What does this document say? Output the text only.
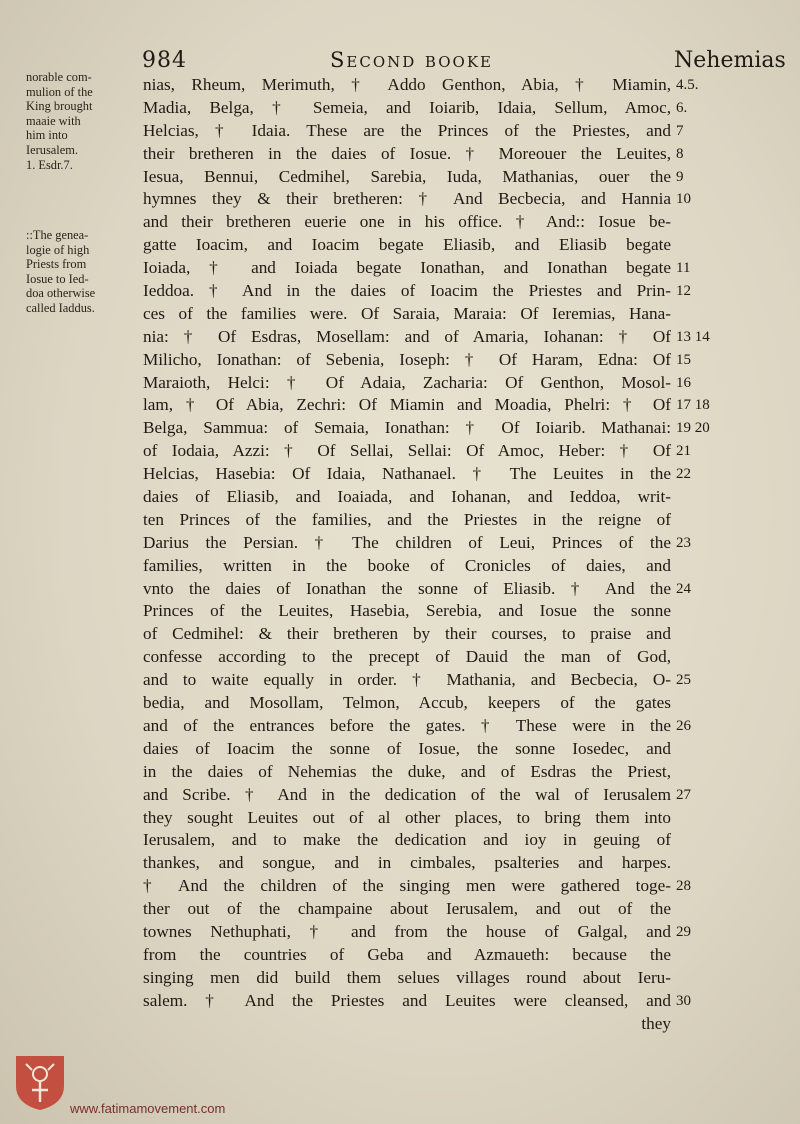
984	Second booke	Nehemias
norable com-
mulion of the
King brought
maaie with
him into
Ierusalem.
1. Esdr.7.
::The genea-
logie of high
Priests from
Iosue to Ied-
doa otherwise
called Iaddus.
nias, Rheum, Merimuth, † Addo Genthon, Abia, † Miamin,
Madia, Belga, † Semeia, and Ioiarib, Idaia, Sellum, Amoc,
Helcias, † Idaia. These are the Princes of the Priestes, and
their bretheren in the daies of Iosue. † Moreouer the Leuites,
Iesua, Bennui, Cedmihel, Sarebia, Iuda, Mathanias, ouer the
hymnes they & their bretheren: † And Becbecia, and Hannia
and their bretheren euerie one in his office. † And:: Iosue be-
gatte Ioacim, and Ioacim begate Eliasib, and Eliasib begate
Ioiada, † and Ioiada begate Ionathan, and Ionathan begate
Ieddoa. † And in the daies of Ioacim the Priestes and Prin-
ces of the families were. Of Saraia, Maraia: Of Ieremias, Hana-
nia: † Of Esdras, Mosellam: and of Amaria, Iohanan: † Of
Milicho, Ionathan: of Sebenia, Ioseph: † Of Haram, Edna: Of
Maraioth, Helci: † Of Adaia, Zacharia: Of Genthon, Mosol-
lam, † Of Abia, Zechri: Of Miamin and Moadia, Phelri: † Of
Belga, Sammua: of Semaia, Ionathan: † Of Ioiarib. Mathanai:
of Iodaia, Azzi: † Of Sellai, Sellai: Of Amoc, Heber: † Of
Helcias, Hasebia: Of Idaia, Nathanael. † The Leuites in the
daies of Eliasib, and Ioaiada, and Iohanan, and Ieddoa, writ-
ten Princes of the families, and the Priestes in the reigne of
Darius the Persian. † The children of Leui, Princes of the
families, written in the booke of Cronicles of daies, and
vnto the daies of Ionathan the sonne of Eliasib. † And the
Princes of the Leuites, Hasebia, Serebia, and Iosue the sonne
of Cedmihel: & their bretheren by their courses, to praise and
confesse according to the precept of Dauid the man of God,
and to waite equally in order. † Mathania, and Becbecia, O-
bedia, and Mosollam, Telmon, Accub, keepers of the gates
and of the entrances before the gates. † These were in the
daies of Ioacim the sonne of Iosue, the sonne Iosedec, and
in the daies of Nehemias the duke, and of Esdras the Priest,
and Scribe. † And in the dedication of the wal of Ierusalem
they sought Leuites out of al other places, to bring them into
Ierusalem, and to make the dedication and ioy in geuing of
thankes, and songue, and in cimbales, psalteries and harpes.
† And the children of the singing men were gathered toge-
ther out of the champaine about Ierusalem, and out of the
townes Nethuphati, † and from the house of Galgal, and
from the countries of Geba and Azmaueth: because the
singing men did build them selues villages round about Ieru-
salem. † And the Priestes and Leuites were cleansed, and
they
4.5.
6.
7
8
9
10
11
12
13 14
15
16
17 18
19 20
21
22
23
24
25
26
27
28
29
30
www.fatimamovement.com
